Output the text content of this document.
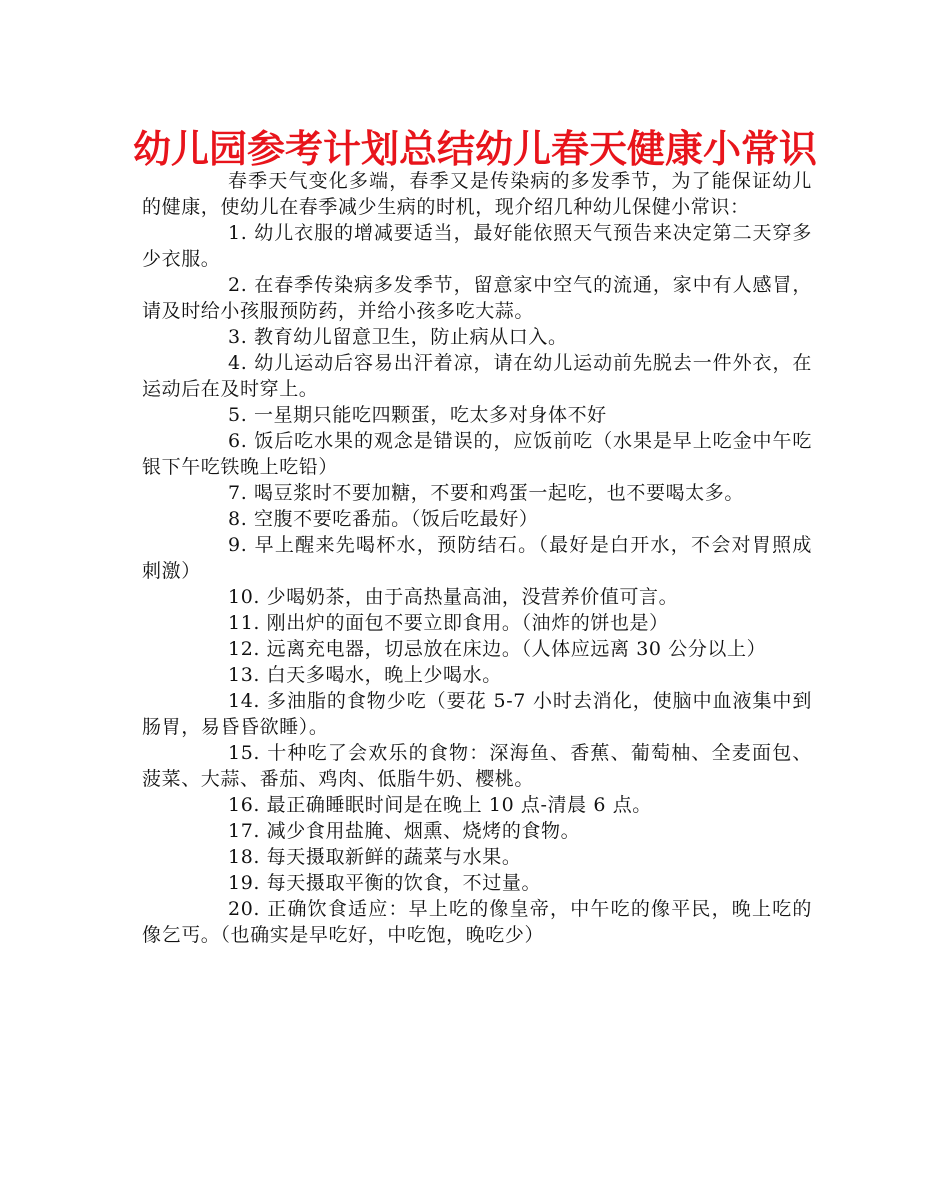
幼儿园参考计划总结幼儿春天健康小常识

春季天气变化多端，春季又是传染病的多发季节，为了能保证幼儿的健康，使幼儿在春季减少生病的时机，现介绍几种幼儿保健小常识：

1. 幼儿衣服的增减要适当，最好能依照天气预告来决定第二天穿多少衣服。

2. 在春季传染病多发季节，留意家中空气的流通，家中有人感冒，请及时给小孩服预防药，并给小孩多吃大蒜。

3. 教育幼儿留意卫生，防止病从口入。

4. 幼儿运动后容易出汗着凉，请在幼儿运动前先脱去一件外衣，在运动后在及时穿上。

5. 一星期只能吃四颗蛋，吃太多对身体不好

6. 饭后吃水果的观念是错误的，应饭前吃（水果是早上吃金中午吃银下午吃铁晚上吃铅）

7. 喝豆浆时不要加糖，不要和鸡蛋一起吃，也不要喝太多。

8. 空腹不要吃番茄。（饭后吃最好）

9. 早上醒来先喝杯水，预防结石。（最好是白开水，不会对胃照成刺激）

10. 少喝奶茶，由于高热量高油，没营养价值可言。

11. 刚出炉的面包不要立即食用。（油炸的饼也是）

12. 远离充电器，切忌放在床边。（人体应远离 30 公分以上）

13. 白天多喝水，晚上少喝水。

14. 多油脂的食物少吃（要花 5-7 小时去消化，使脑中血液集中到肠胃，易昏昏欲睡）。

15. 十种吃了会欢乐的食物：深海鱼、香蕉、葡萄柚、全麦面包、菠菜、大蒜、番茄、鸡肉、低脂牛奶、樱桃。

16. 最正确睡眠时间是在晚上 10 点-清晨 6 点。

17. 减少食用盐腌、烟熏、烧烤的食物。

18. 每天摄取新鲜的蔬菜与水果。

19. 每天摄取平衡的饮食，不过量。

20. 正确饮食适应：早上吃的像皇帝，中午吃的像平民，晚上吃的像乞丐。（也确实是早吃好，中吃饱，晚吃少）
